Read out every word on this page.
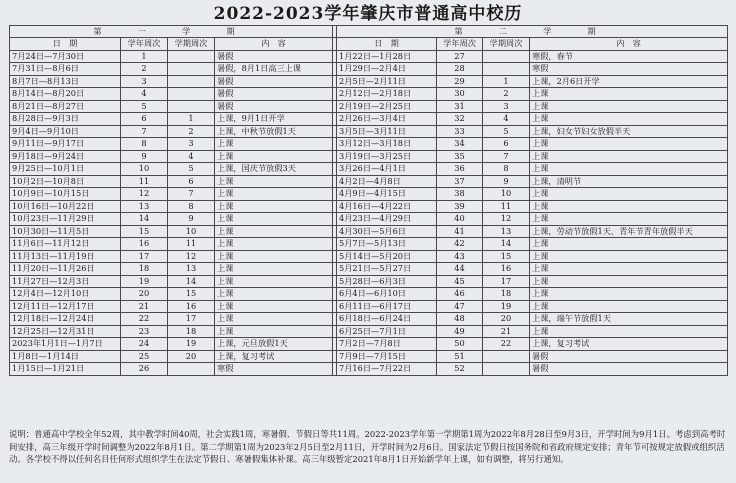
2022-2023学年肇庆市普通高中校历
第　一　学　期					第　二　学　期			
日　期	学年周次	学期周次	内　容		日　期	学年周次	学期周次	内　容
7月24日—7月30日	1		暑假		1月22日—1月28日	27		寒假，春节
7月31日—8月6日	2		暑假，8月1日高三上课		1月29日—2月4日	28		寒假
8月7日—8月13日	3		暑假		2月5日—2月11日	29	1	上课，2月6日开学
8月14日—8月20日	4		暑假		2月12日—2月18日	30	2	上课
8月21日—8月27日	5		暑假		2月19日—2月25日	31	3	上课
8月28日—9月3日	6	1	上课，9月1日开学		2月26日—3月4日	32	4	上课
9月4日—9月10日	7	2	上课，中秋节放假1天		3月5日—3月11日	33	5	上课，妇女节妇女放假半天
9月11日—9月17日	8	3	上课		3月12日—3月18日	34	6	上课
9月18日—9月24日	9	4	上课		3月19日—3月25日	35	7	上课
9月25日—10月1日	10	5	上课，国庆节放假3天		3月26日—4月1日	36	8	上课
10月2日—10月8日	11	6	上课		4月2日—4月8日	37	9	上课，清明节
10月9日—10月15日	12	7	上课		4月9日—4月15日	38	10	上课
10月16日—10月22日	13	8	上课		4月16日—4月22日	39	11	上课
10月23日—11月29日	14	9	上课		4月23日—4月29日	40	12	上课
10月30日—11月5日	15	10	上课		4月30日—5月6日	41	13	上课，劳动节放假1天、青年节青年放假半天
11月6日—11月12日	16	11	上课		5月7日—5月13日	42	14	上课
11月13日—11月19日	17	12	上课		5月14日—5月20日	43	15	上课
11月20日—11月26日	18	13	上课		5月21日—5月27日	44	16	上课
11月27日—12月3日	19	14	上课		5月28日—6月3日	45	17	上课
12月4日—12月10日	20	15	上课		6月4日—6月10日	46	18	上课
12月11日—12月17日	21	16	上课		6月11日—6月17日	47	19	上课
12月18日—12月24日	22	17	上课		6月18日—6月24日	48	20	上课，端午节放假1天
12月25日—12月31日	23	18	上课		6月25日—7月1日	49	21	上课
2023年1月1日—1月7日	24	19	上课，元旦放假1天		7月2日—7月8日	50	22	上课，复习考试
1月8日—1月14日	25	20	上课，复习考试		7月9日—7月15日	51		暑假
1月15日—1月21日	26		寒假		7月16日—7月22日	52		暑假

说明：普通高中学校全年52周，其中教学时间40周，社会实践1周，寒暑假、节假日等共11周。2022-2023学年第一学期第1周为2022年8月28日至9月3日，开学时间为9月1日。考虑到高考时间安排，高三年级开学时间调整为2022年8月1日。第二学期第1周为2023年2月5日至2月11日，开学时间为2月6日。国家法定节假日按国务院和省政府规定安排；青年节可按规定放假或组织活动。各学校不得以任何名目任何形式组织学生在法定节假日、寒暑假集体补课。高三年级暂定2021年8月1日开始新学年上课，如有调整，将另行通知。
